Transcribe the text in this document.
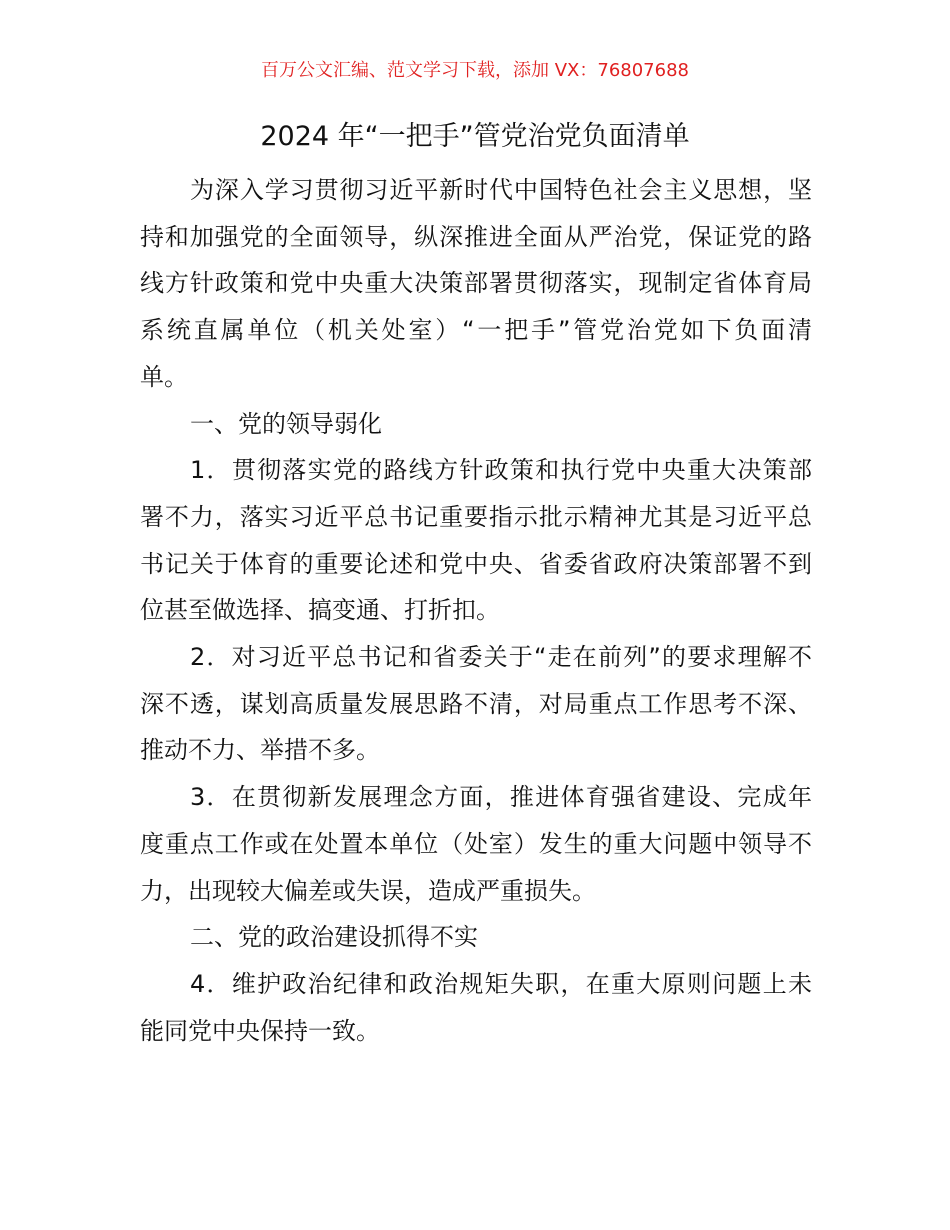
百万公文汇编、范文学习下载，添加 VX：76807688
2024 年“一把手”管党治党负面清单
为深入学习贯彻习近平新时代中国特色社会主义思想，坚
持和加强党的全面领导，纵深推进全面从严治党，保证党的路
线方针政策和党中央重大决策部署贯彻落实，现制定省体育局
系统直属单位（机关处室）“一把手”管党治党如下负面清
单。
一、党的领导弱化
1．贯彻落实党的路线方针政策和执行党中央重大决策部
署不力，落实习近平总书记重要指示批示精神尤其是习近平总
书记关于体育的重要论述和党中央、省委省政府决策部署不到
位甚至做选择、搞变通、打折扣。
2．对习近平总书记和省委关于“走在前列”的要求理解不
深不透，谋划高质量发展思路不清，对局重点工作思考不深、
推动不力、举措不多。
3．在贯彻新发展理念方面，推进体育强省建设、完成年
度重点工作或在处置本单位（处室）发生的重大问题中领导不
力，出现较大偏差或失误，造成严重损失。
二、党的政治建设抓得不实
4．维护政治纪律和政治规矩失职，在重大原则问题上未
能同党中央保持一致。
